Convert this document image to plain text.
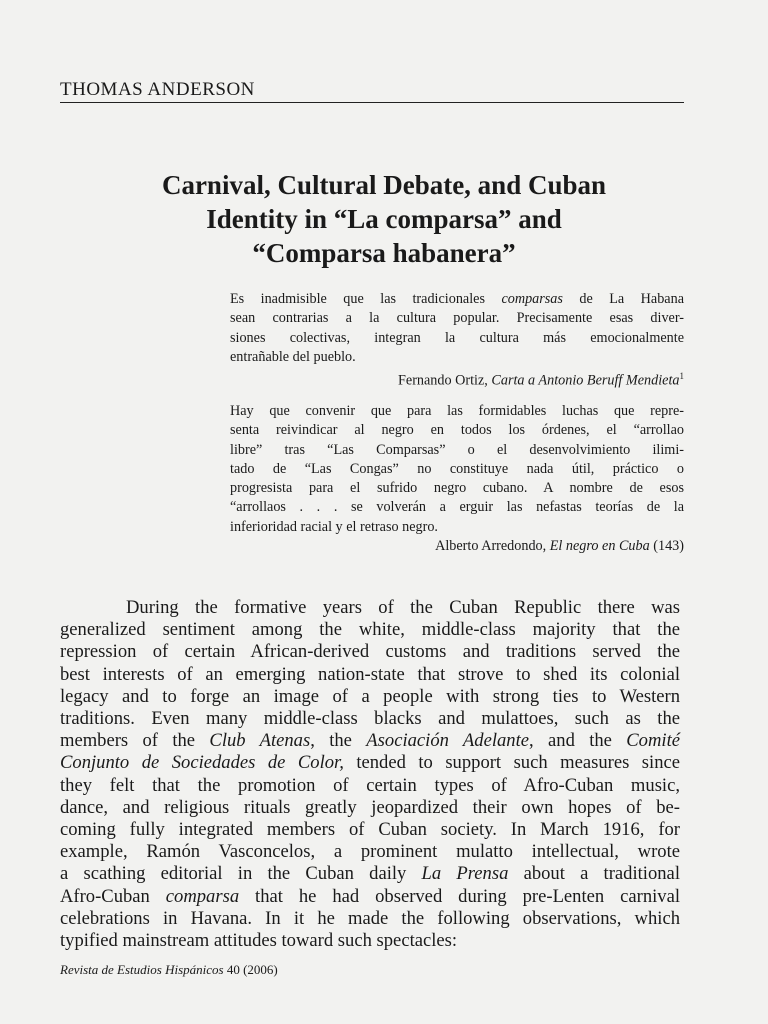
THOMAS ANDERSON
Carnival, Cultural Debate, and Cuban
Identity in “La comparsa” and
“Comparsa habanera”
Es inadmisible que las tradicionales comparsas de La Habana
sean contrarias a la cultura popular. Precisamente esas diver-
siones colectivas, integran la cultura más emocionalmente
entrañable del pueblo.
Fernando Ortiz, Carta a Antonio Beruff Mendieta$^1$
Hay que convenir que para las formidables luchas que repre-
senta reivindicar al negro en todos los órdenes, el “arrollao
libre” tras “Las Comparsas” o el desenvolvimiento ilimi-
tado de “Las Congas” no constituye nada útil, práctico o
progresista para el sufrido negro cubano. A nombre de esos
“arrollaos . . . se volverán a erguir las nefastas teorías de la
inferioridad racial y el retraso negro.
Alberto Arredondo, El negro en Cuba (143)
During the formative years of the Cuban Republic there was
generalized sentiment among the white, middle-class majority that the
repression of certain African-derived customs and traditions served the
best interests of an emerging nation-state that strove to shed its colonial
legacy and to forge an image of a people with strong ties to Western
traditions. Even many middle-class blacks and mulattoes, such as the
members of the Club Atenas, the Asociación Adelante, and the Comité
Conjunto de Sociedades de Color, tended to support such measures since
they felt that the promotion of certain types of Afro-Cuban music,
dance, and religious rituals greatly jeopardized their own hopes of be-
coming fully integrated members of Cuban society. In March 1916, for
example, Ramón Vasconcelos, a prominent mulatto intellectual, wrote
a scathing editorial in the Cuban daily La Prensa about a traditional
Afro-Cuban comparsa that he had observed during pre-Lenten carnival
celebrations in Havana. In it he made the following observations, which
typified mainstream attitudes toward such spectacles:
Revista de Estudios Hispánicos 40 (2006)
